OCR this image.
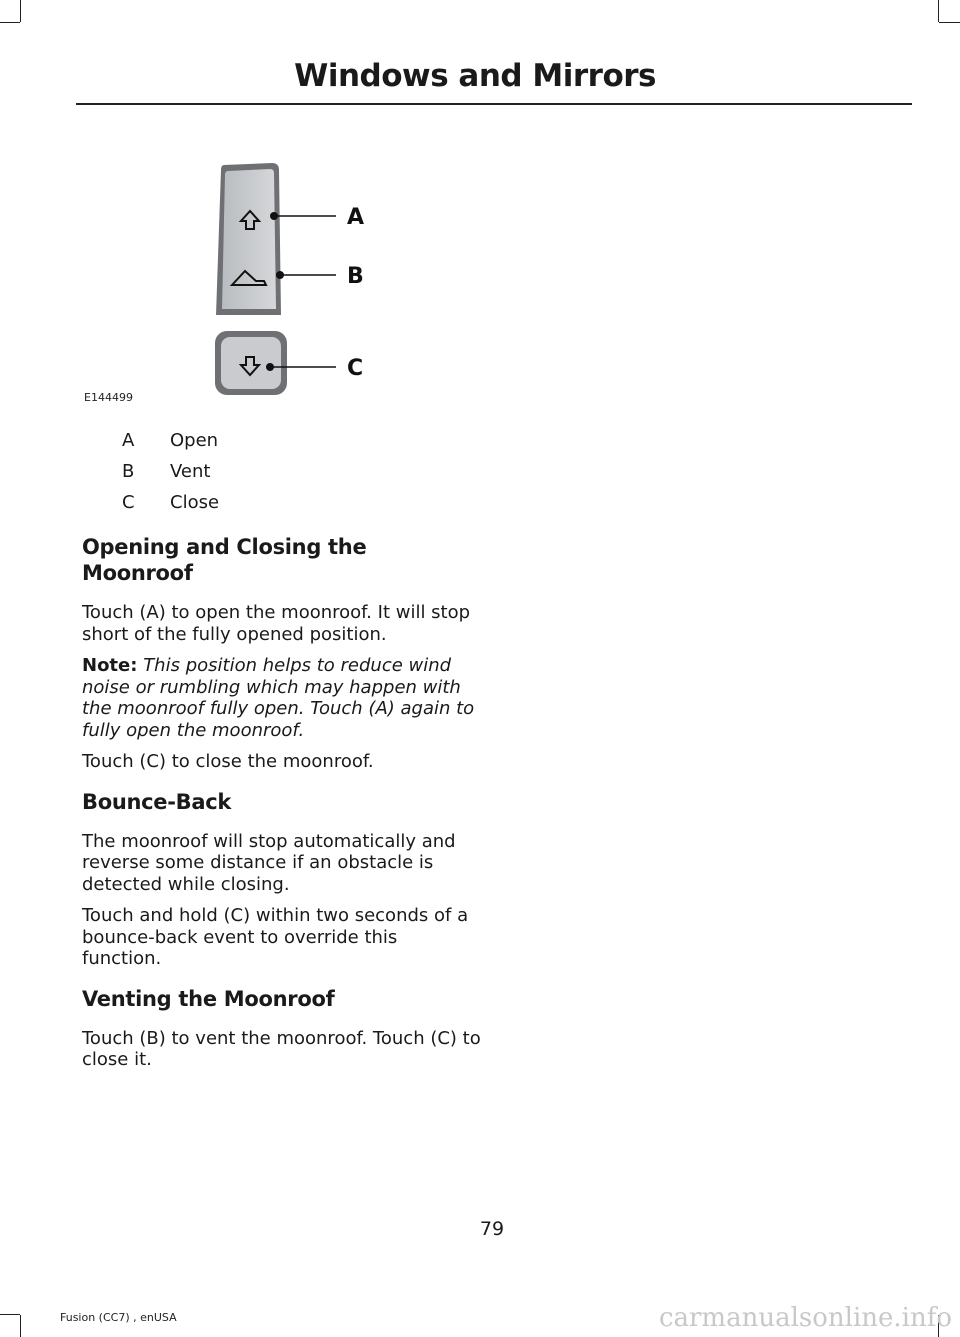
Windows and Mirrors
A
B
C
E144499
A	Open
B	Vent
C	Close
Opening and Closing the Moonroof

Touch (A) to open the moonroof. It will stop short of the fully opened position.

Note: This position helps to reduce wind noise or rumbling which may happen with the moonroof fully open. Touch (A) again to fully open the moonroof.

Touch (C) to close the moonroof.

Bounce-Back

The moonroof will stop automatically and reverse some distance if an obstacle is detected while closing.

Touch and hold (C) within two seconds of a bounce-back event to override this function.

Venting the Moonroof

Touch (B) to vent the moonroof. Touch (C) to close it.

79
Fusion (CC7) , enUSA	carmanualsonline.info
